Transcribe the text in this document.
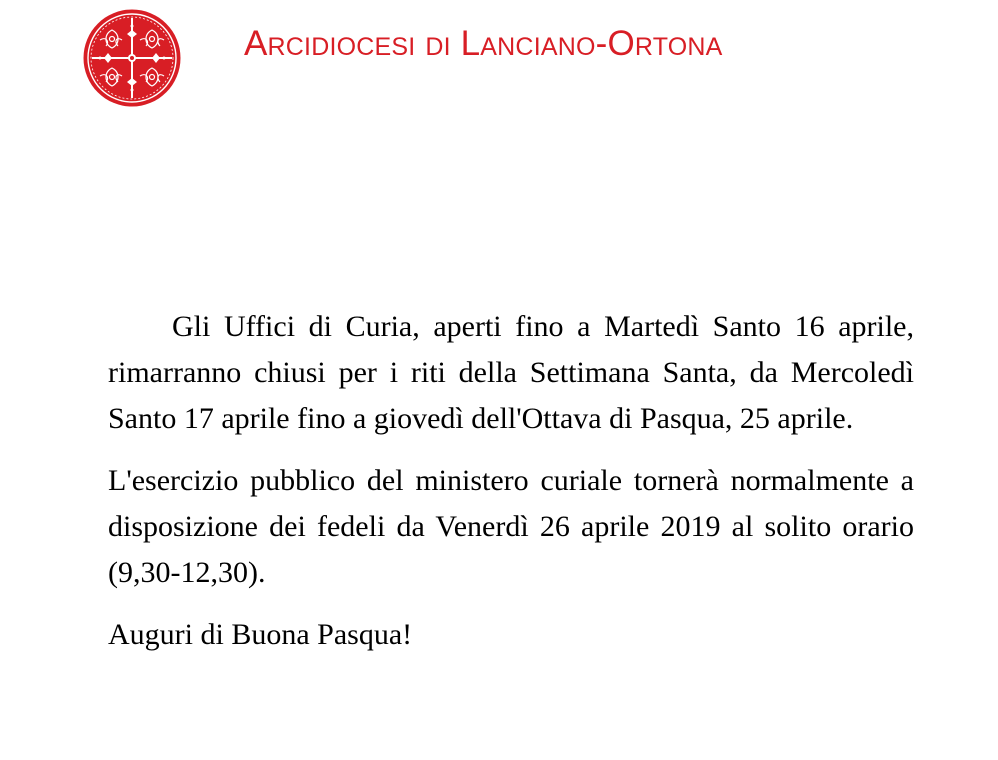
Arcidiocesi di Lanciano-Ortona

Gli Uffici di Curia, aperti fino a Martedì Santo 16 aprile, rimarranno chiusi per i riti della Settimana Santa, da Mercoledì Santo 17 aprile fino a giovedì dell'Ottava di Pasqua, 25 aprile.

L'esercizio pubblico del ministero curiale tornerà normalmente a disposizione dei fedeli da Venerdì 26 aprile 2019 al solito orario (9,30-12,30).

Auguri di Buona Pasqua!
